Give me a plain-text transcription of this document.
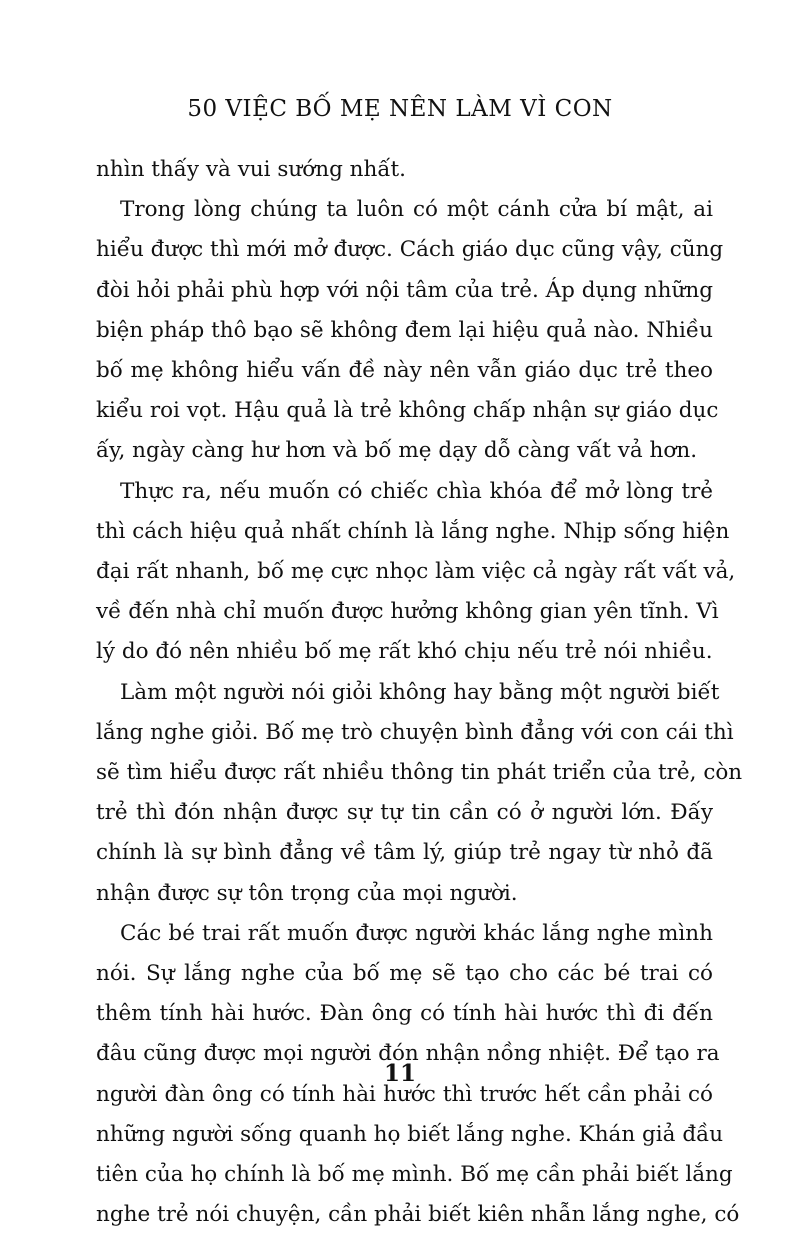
50 VIỆC BỐ MẸ NÊN LÀM VÌ CON
nhìn thấy và vui sướng nhất.
Trong lòng chúng ta luôn có một cánh cửa bí mật, ai
hiểu được thì mới mở được. Cách giáo dục cũng vậy, cũng
đòi hỏi phải phù hợp với nội tâm của trẻ. Áp dụng những
biện pháp thô bạo sẽ không đem lại hiệu quả nào. Nhiều
bố mẹ không hiểu vấn đề này nên vẫn giáo dục trẻ theo
kiểu roi vọt. Hậu quả là trẻ không chấp nhận sự giáo dục
ấy, ngày càng hư hơn và bố mẹ dạy dỗ càng vất vả hơn.
Thực ra, nếu muốn có chiếc chìa khóa để mở lòng trẻ
thì cách hiệu quả nhất chính là lắng nghe. Nhịp sống hiện
đại rất nhanh, bố mẹ cực nhọc làm việc cả ngày rất vất vả,
về đến nhà chỉ muốn được hưởng không gian yên tĩnh. Vì
lý do đó nên nhiều bố mẹ rất khó chịu nếu trẻ nói nhiều.
Làm một người nói giỏi không hay bằng một người biết
lắng nghe giỏi. Bố mẹ trò chuyện bình đẳng với con cái thì
sẽ tìm hiểu được rất nhiều thông tin phát triển của trẻ, còn
trẻ thì đón nhận được sự tự tin cần có ở người lớn. Đấy
chính là sự bình đẳng về tâm lý, giúp trẻ ngay từ nhỏ đã
nhận được sự tôn trọng của mọi người.
Các bé trai rất muốn được người khác lắng nghe mình
nói. Sự lắng nghe của bố mẹ sẽ tạo cho các bé trai có
thêm tính hài hước. Đàn ông có tính hài hước thì đi đến
đâu cũng được mọi người đón nhận nồng nhiệt. Để tạo ra
người đàn ông có tính hài hước thì trước hết cần phải có
những người sống quanh họ biết lắng nghe. Khán giả đầu
tiên của họ chính là bố mẹ mình. Bố mẹ cần phải biết lắng
nghe trẻ nói chuyện, cần phải biết kiên nhẫn lắng nghe, có
11
